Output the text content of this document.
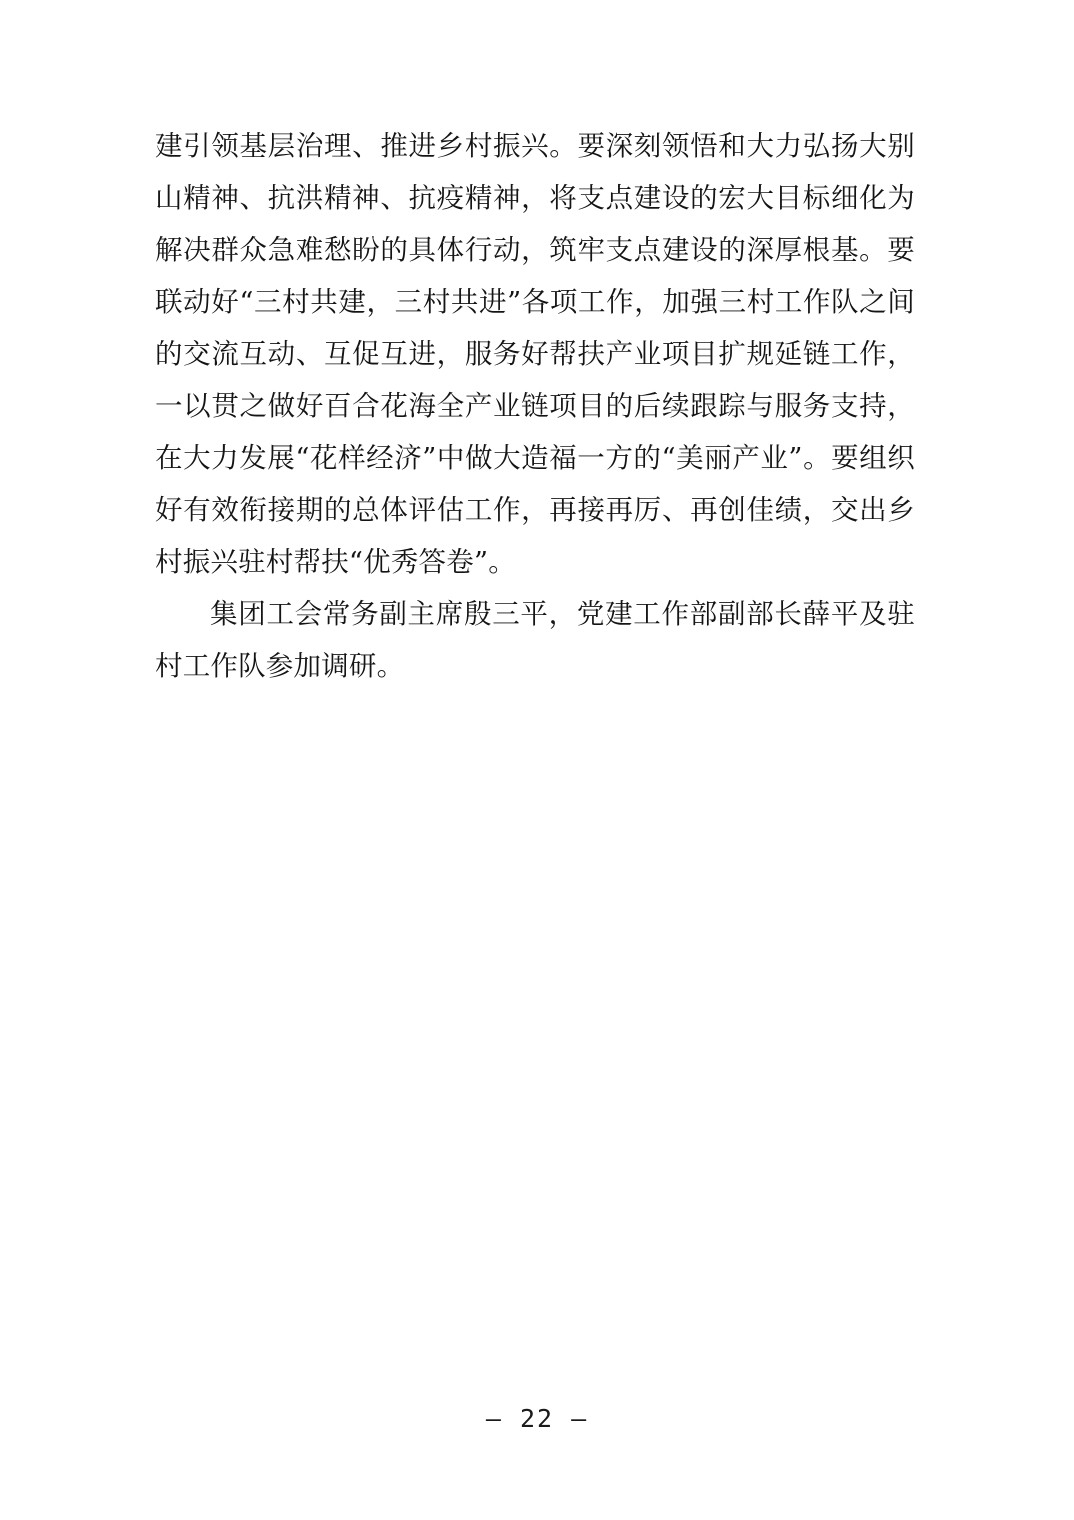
建引领基层治理、推进乡村振兴。要深刻领悟和大力弘扬大别山精神、抗洪精神、抗疫精神，将支点建设的宏大目标细化为解决群众急难愁盼的具体行动，筑牢支点建设的深厚根基。要联动好“三村共建，三村共进”各项工作，加强三村工作队之间的交流互动、互促互进，服务好帮扶产业项目扩规延链工作，一以贯之做好百合花海全产业链项目的后续跟踪与服务支持，在大力发展“花样经济”中做大造福一方的“美丽产业”。要组织好有效衔接期的总体评估工作，再接再厉、再创佳绩，交出乡村振兴驻村帮扶“优秀答卷”。

集团工会常务副主席殷三平，党建工作部副部长薛平及驻村工作队参加调研。

— 22 —
